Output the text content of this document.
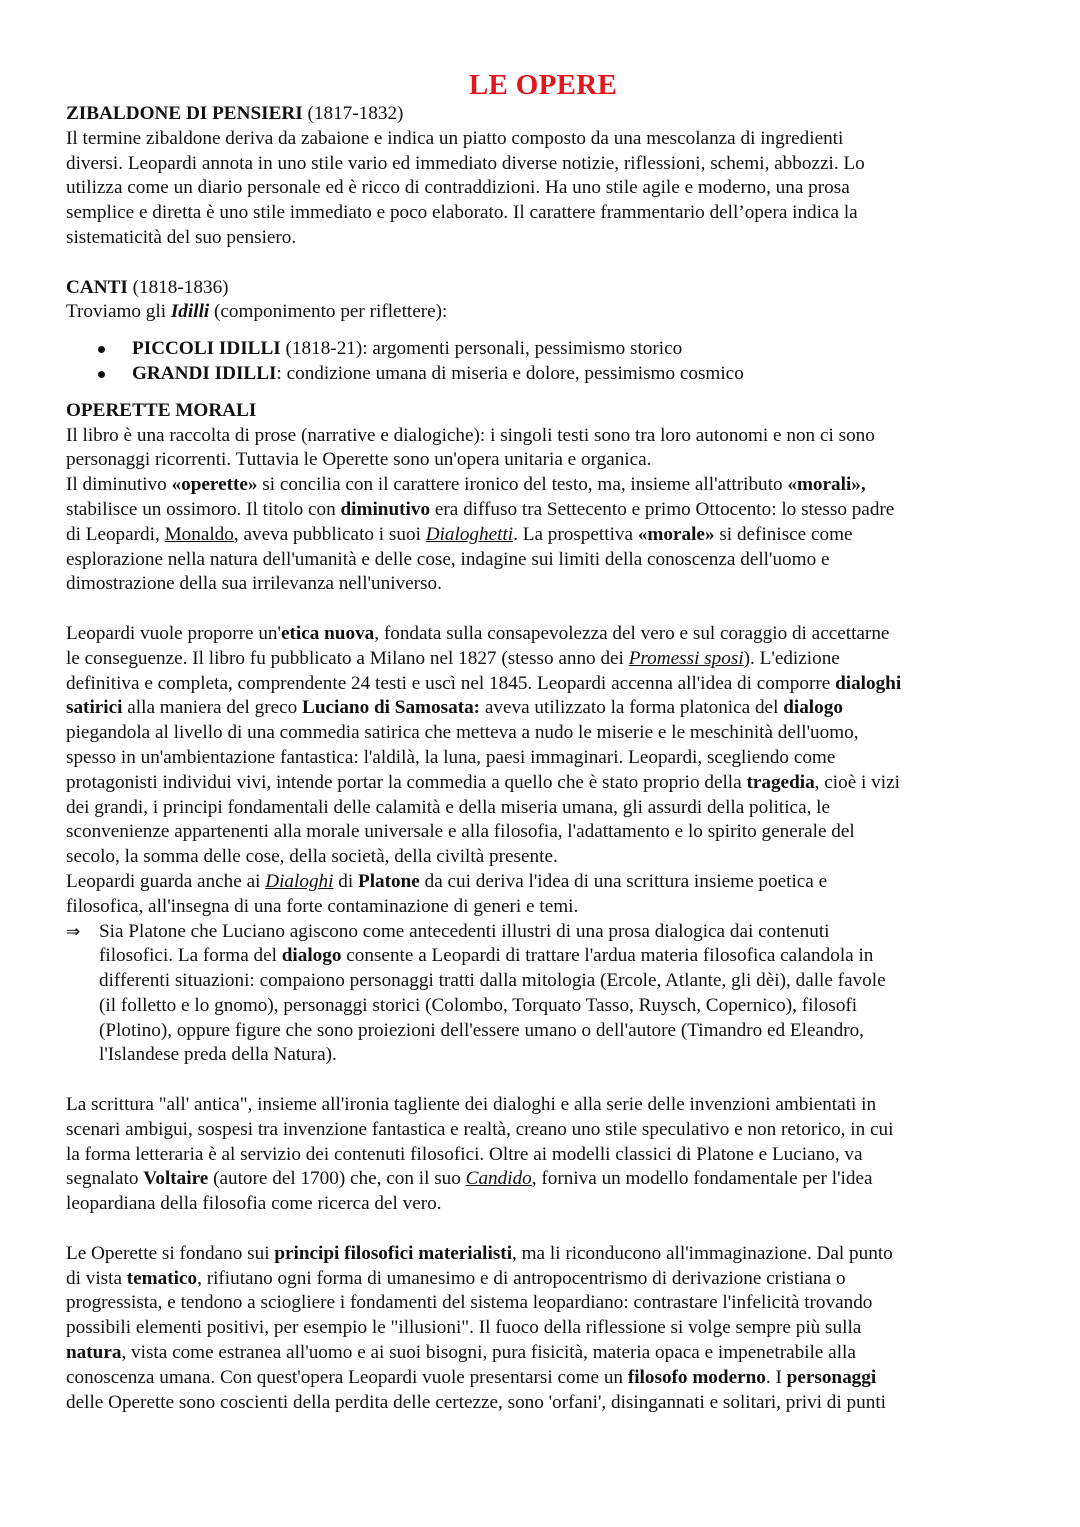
LE OPERE
ZIBALDONE DI PENSIERI (1817-1832)
Il termine zibaldone deriva da zabaione e indica un piatto composto da una mescolanza di ingredienti
diversi. Leopardi annota in uno stile vario ed immediato diverse notizie, riflessioni, schemi, abbozzi. Lo
utilizza come un diario personale ed è ricco di contraddizioni. Ha uno stile agile e moderno, una prosa
semplice e diretta è uno stile immediato e poco elaborato. Il carattere frammentario dell’opera indica la
sistematicità del suo pensiero.
CANTI (1818-1836)
Troviamo gli Idilli (componimento per riflettere):
PICCOLI IDILLI (1818-21): argomenti personali, pessimismo storico
GRANDI IDILLI: condizione umana di miseria e dolore, pessimismo cosmico
OPERETTE MORALI
Il libro è una raccolta di prose (narrative e dialogiche): i singoli testi sono tra loro autonomi e non ci sono
personaggi ricorrenti. Tuttavia le Operette sono un'opera unitaria e organica.
Il diminutivo «operette» si concilia con il carattere ironico del testo, ma, insieme all'attributo «morali»,
stabilisce un ossimoro. Il titolo con diminutivo era diffuso tra Settecento e primo Ottocento: lo stesso padre
di Leopardi, Monaldo, aveva pubblicato i suoi Dialoghetti. La prospettiva «morale» si definisce come
esplorazione nella natura dell'umanità e delle cose, indagine sui limiti della conoscenza dell'uomo e
dimostrazione della sua irrilevanza nell'universo.
Leopardi vuole proporre un'etica nuova, fondata sulla consapevolezza del vero e sul coraggio di accettarne
le conseguenze. Il libro fu pubblicato a Milano nel 1827 (stesso anno dei Promessi sposi). L'edizione
definitiva e completa, comprendente 24 testi e uscì nel 1845. Leopardi accenna all'idea di comporre dialoghi
satirici alla maniera del greco Luciano di Samosata: aveva utilizzato la forma platonica del dialogo
piegandola al livello di una commedia satirica che metteva a nudo le miserie e le meschinità dell'uomo,
spesso in un'ambientazione fantastica: l'aldilà, la luna, paesi immaginari. Leopardi, scegliendo come
protagonisti individui vivi, intende portar la commedia a quello che è stato proprio della tragedia, cioè i vizi
dei grandi, i principi fondamentali delle calamità e della miseria umana, gli assurdi della politica, le
sconvenienze appartenenti alla morale universale e alla filosofia, l'adattamento e lo spirito generale del
secolo, la somma delle cose, della società, della civiltà presente.
Leopardi guarda anche ai Dialoghi di Platone da cui deriva l'idea di una scrittura insieme poetica e
filosofica, all'insegna di una forte contaminazione di generi e temi.
⇒ Sia Platone che Luciano agiscono come antecedenti illustri di una prosa dialogica dai contenuti
filosofici. La forma del dialogo consente a Leopardi di trattare l'ardua materia filosofica calandola in
differenti situazioni: compaiono personaggi tratti dalla mitologia (Ercole, Atlante, gli dèi), dalle favole
(il folletto e lo gnomo), personaggi storici (Colombo, Torquato Tasso, Ruysch, Copernico), filosofi
(Plotino), oppure figure che sono proiezioni dell'essere umano o dell'autore (Timandro ed Eleandro,
l'Islandese preda della Natura).
La scrittura "all' antica", insieme all'ironia tagliente dei dialoghi e alla serie delle invenzioni ambientati in
scenari ambigui, sospesi tra invenzione fantastica e realtà, creano uno stile speculativo e non retorico, in cui
la forma letteraria è al servizio dei contenuti filosofici. Oltre ai modelli classici di Platone e Luciano, va
segnalato Voltaire (autore del 1700) che, con il suo Candido, forniva un modello fondamentale per l'idea
leopardiana della filosofia come ricerca del vero.
Le Operette si fondano sui principi filosofici materialisti, ma li riconducono all'immaginazione. Dal punto
di vista tematico, rifiutano ogni forma di umanesimo e di antropocentrismo di derivazione cristiana o
progressista, e tendono a sciogliere i fondamenti del sistema leopardiano: contrastare l'infelicità trovando
possibili elementi positivi, per esempio le "illusioni". Il fuoco della riflessione si volge sempre più sulla
natura, vista come estranea all'uomo e ai suoi bisogni, pura fisicità, materia opaca e impenetrabile alla
conoscenza umana. Con quest'opera Leopardi vuole presentarsi come un filosofo moderno. I personaggi
delle Operette sono coscienti della perdita delle certezze, sono 'orfani', disingannati e solitari, privi di punti
